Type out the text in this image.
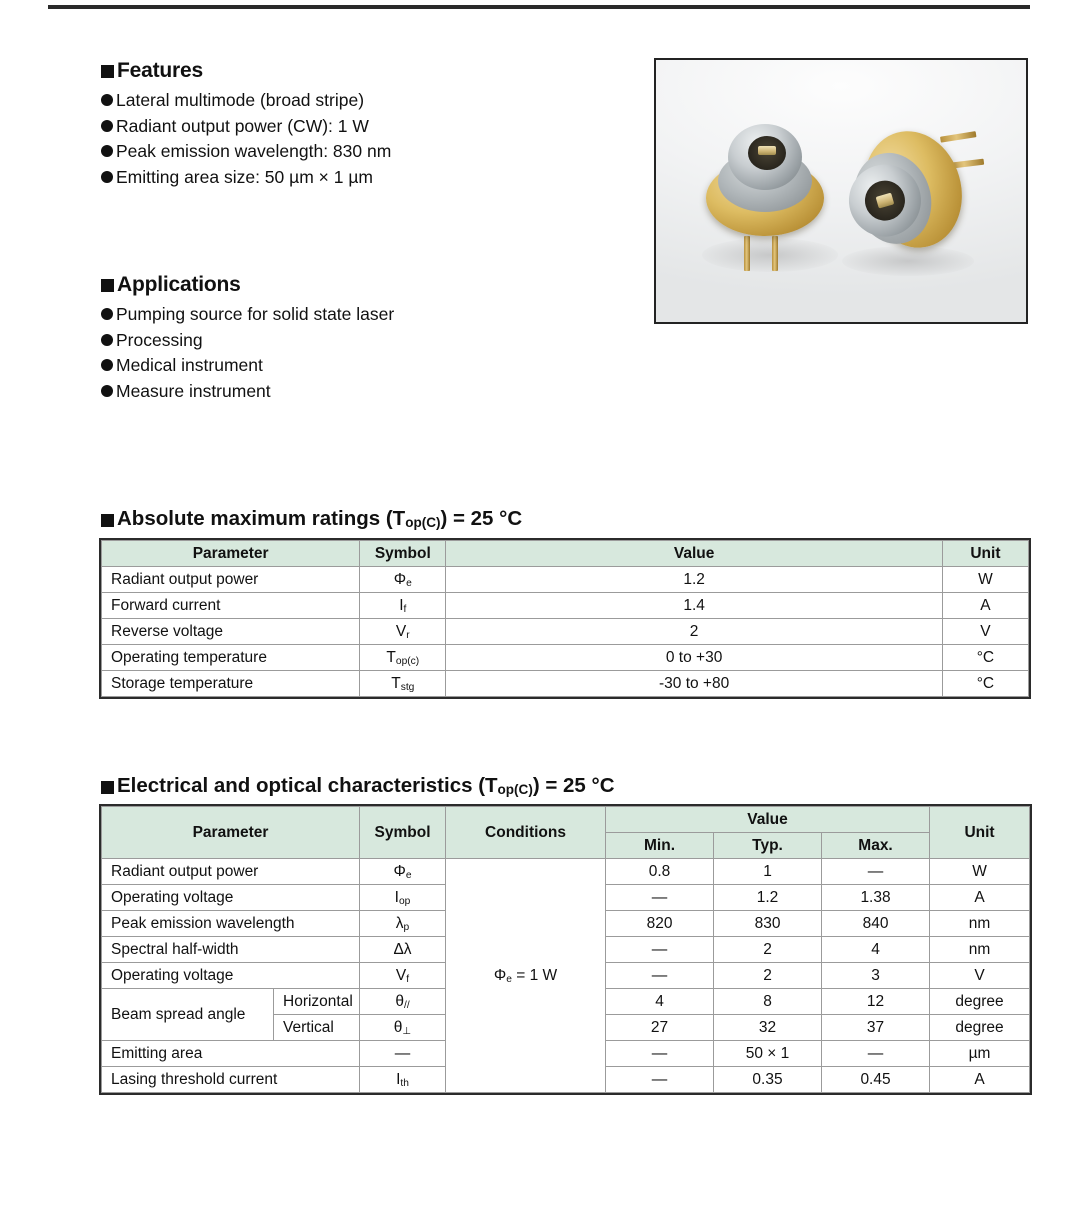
Features
Lateral multimode (broad stripe)
Radiant output power (CW): 1 W
Peak emission wavelength: 830 nm
Emitting area size: 50 µm × 1 µm
Applications
Pumping source for solid state laser
Processing
Medical instrument
Measure instrument
Absolute maximum ratings ($T_{op(C)}$ ) = 25 °C
Parameter	Symbol	Value	Unit
Radiant output power	$\Phi_e$	1.2	W
Forward current	$I_f$	1.4	A
Reverse voltage	$V_r$	2	V
Operating temperature	$T_{op(c)}$	0 to +30	°C
Storage temperature	$T_{stg}$	-30 to +80	°C
Electrical and optical characteristics ($T_{op(C)}$ ) = 25 °C
Parameter		Symbol	Conditions	Value			Unit
				Min.	Typ.	Max.	
Radiant output power		$\Phi_e$	$\Phi_e = 1$ W	0.8	1	—	W
Operating voltage		$I_{op}$		—	1.2	1.38	A
Peak emission wavelength		$\lambda_p$		820	830	840	nm
Spectral half-width		Δλ		—	2	4	nm
Operating voltage		$V_f$		—	2	3	V
Beam spread angle	Horizontal	$\theta_{//}$		4	8	12	degree
	Vertical	$\theta_\perp$		27	32	37	degree
Emitting area		—		—	50 × 1	—	µm
Lasing threshold current		$I_{th}$		—	0.35	0.45	A
